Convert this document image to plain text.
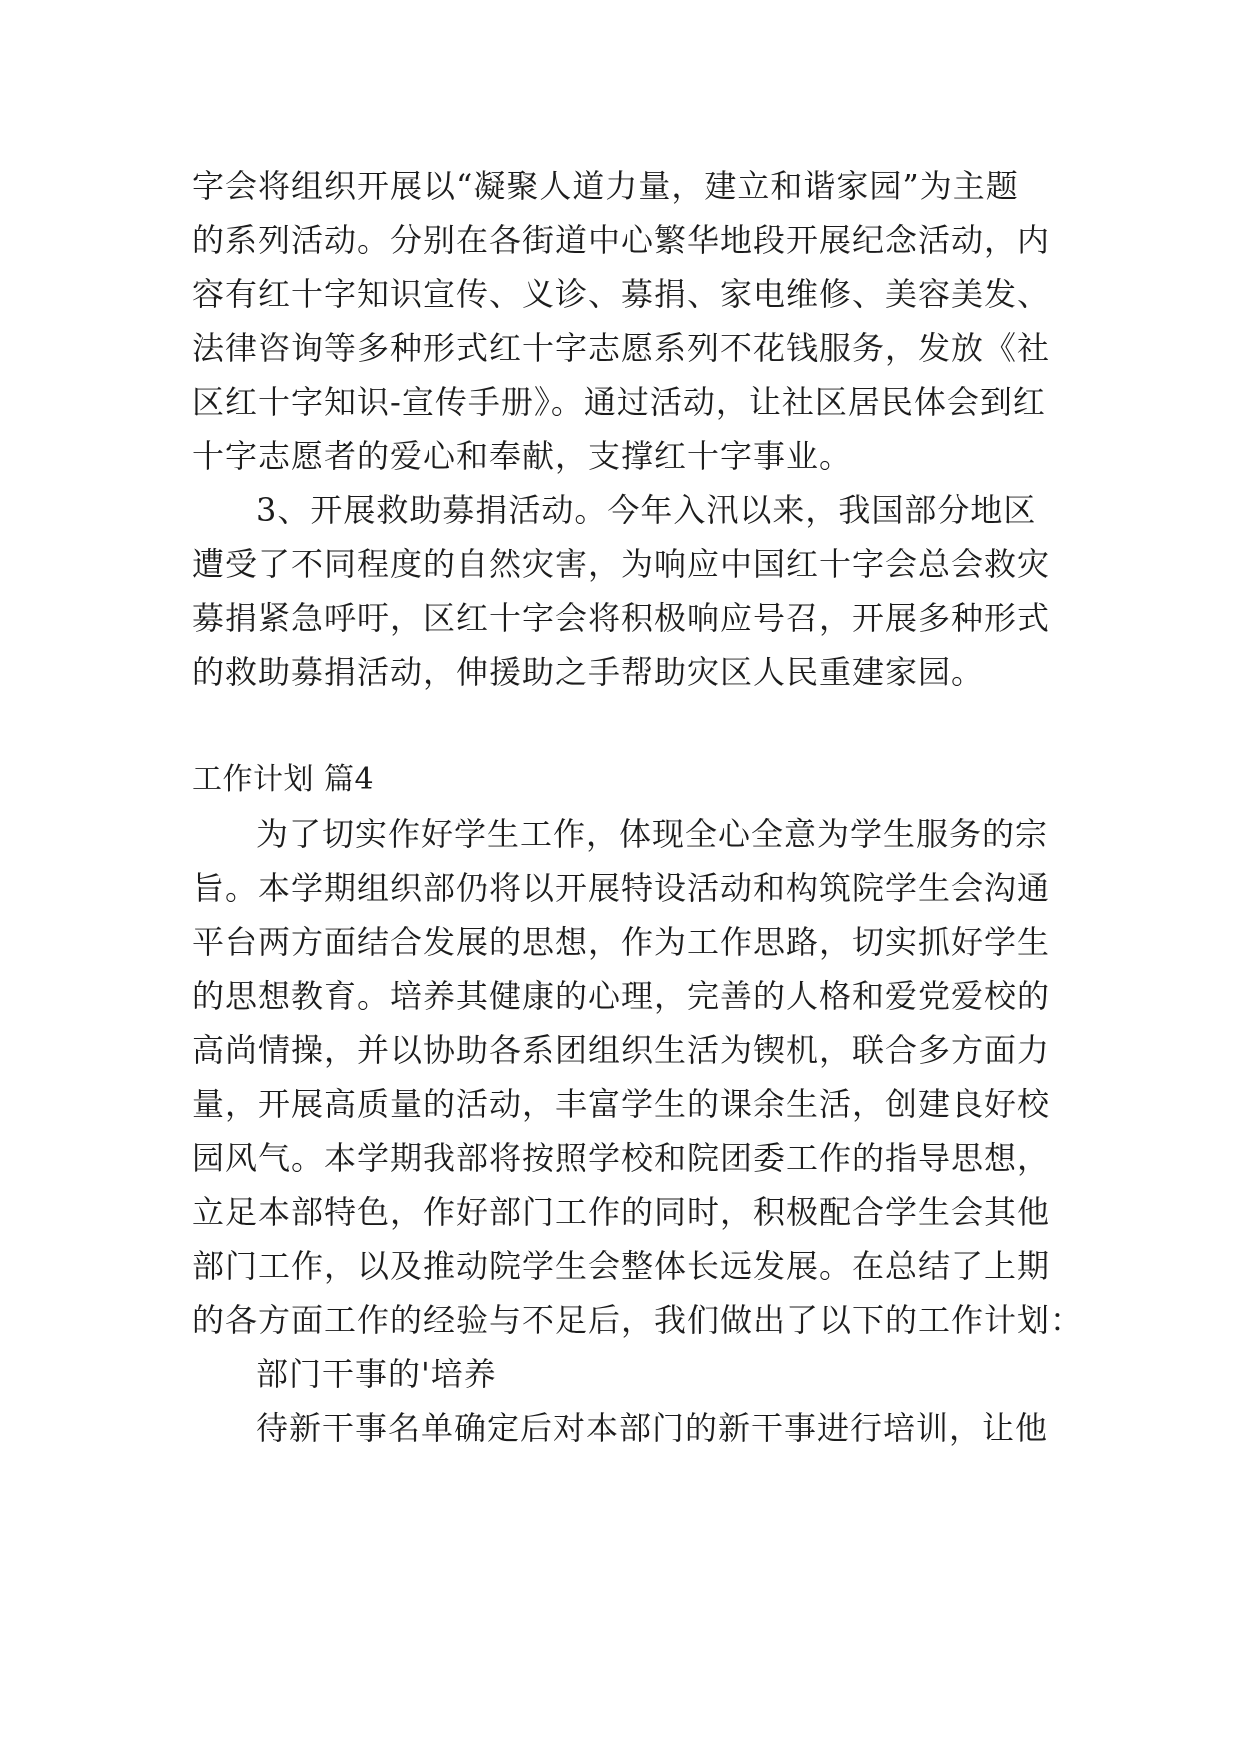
字会将组织开展以“凝聚人道力量，建立和谐家园”为主题
的系列活动。分别在各街道中心繁华地段开展纪念活动，内
容有红十字知识宣传、义诊、募捐、家电维修、美容美发、
法律咨询等多种形式红十字志愿系列不花钱服务，发放《社
区红十字知识-宣传手册》。通过活动，让社区居民体会到红
十字志愿者的爱心和奉献，支撑红十字事业。
3、开展救助募捐活动。今年入汛以来，我国部分地区
遭受了不同程度的自然灾害，为响应中国红十字会总会救灾
募捐紧急呼吁，区红十字会将积极响应号召，开展多种形式
的救助募捐活动，伸援助之手帮助灾区人民重建家园。
工作计划 篇4
为了切实作好学生工作，体现全心全意为学生服务的宗
旨。本学期组织部仍将以开展特设活动和构筑院学生会沟通
平台两方面结合发展的思想，作为工作思路，切实抓好学生
的思想教育。培养其健康的心理，完善的人格和爱党爱校的
高尚情操，并以协助各系团组织生活为锲机，联合多方面力
量，开展高质量的活动，丰富学生的课余生活，创建良好校
园风气。本学期我部将按照学校和院团委工作的指导思想，
立足本部特色，作好部门工作的同时，积极配合学生会其他
部门工作，以及推动院学生会整体长远发展。在总结了上期
的各方面工作的经验与不足后，我们做出了以下的工作计划：
部门干事的'培养
待新干事名单确定后对本部门的新干事进行培训，让他
